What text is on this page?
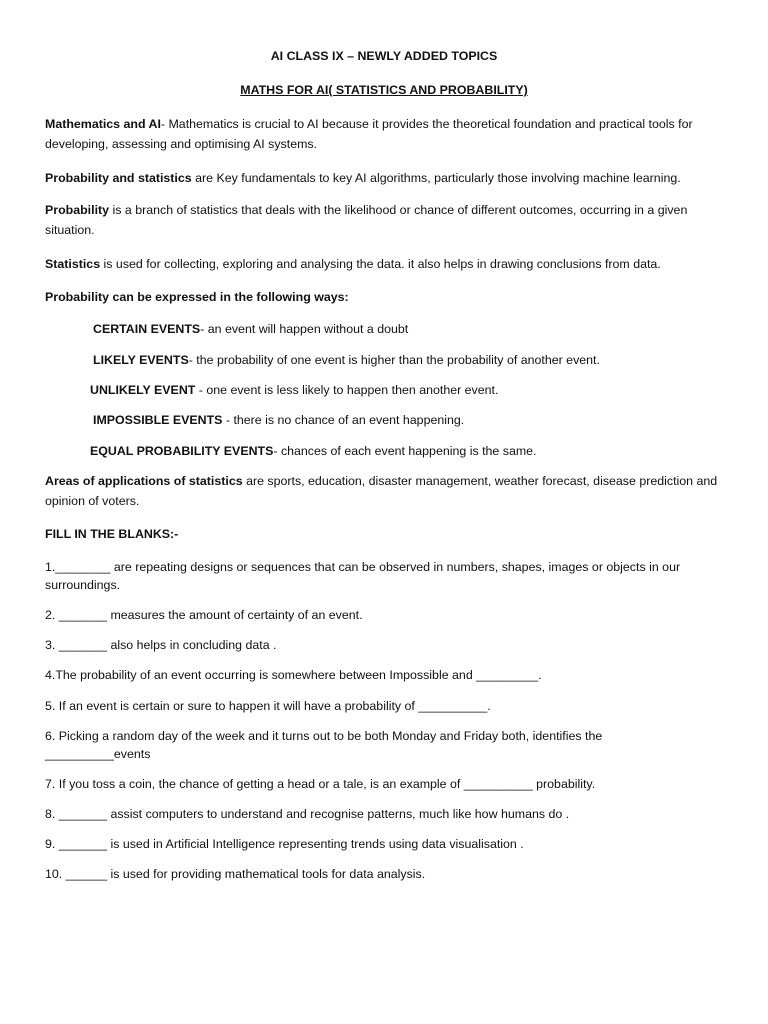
AI CLASS IX – NEWLY ADDED TOPICS
MATHS FOR AI( STATISTICS AND PROBABILITY)
Mathematics and AI- Mathematics is crucial to AI because it provides the theoretical foundation and practical tools for developing, assessing and optimising AI systems.
Probability and statistics are Key fundamentals to key AI algorithms, particularly those involving machine learning.
Probability is a branch of statistics that deals with the likelihood or chance of different outcomes, occurring in a given situation.
Statistics is used for collecting, exploring and analysing the data. it also helps in drawing conclusions from data.
Probability can be expressed in the following ways:
CERTAIN EVENTS- an event will happen without a doubt
LIKELY EVENTS- the probability of one event is higher than the probability of another event.
UNLIKELY EVENT - one event is less likely to happen then another event.
IMPOSSIBLE EVENTS - there is no chance of an event happening.
EQUAL PROBABILITY EVENTS- chances of each event happening is the same.
Areas of applications of statistics are sports, education, disaster management, weather forecast, disease prediction and opinion of voters.
FILL IN THE BLANKS:-
1.________ are repeating designs or sequences that can be observed in numbers, shapes, images or objects in our
surroundings.
2. _______ measures the amount of certainty of an event.
3. _______ also helps in concluding data .
4.The probability of an event occurring is somewhere between Impossible and _________.
5. If an event is certain or sure to happen it will have a probability of __________.
6. Picking a random day of the week and it turns out to be both Monday and Friday both, identifies the
__________events
7. If you toss a coin, the chance of getting a head or a tale, is an example of __________ probability.
8. _______ assist computers to understand and recognise patterns, much like how humans do .
9. _______ is used in Artificial Intelligence representing trends using data visualisation .
10. ______ is used for providing mathematical tools for data analysis.
